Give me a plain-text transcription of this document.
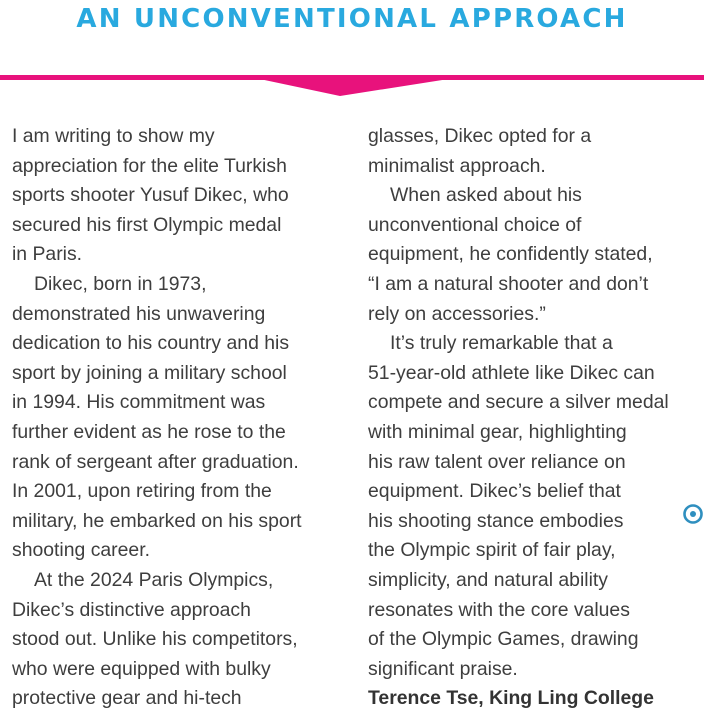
AN UNCONVENTIONAL APPROACH
I am writing to show my
appreciation for the elite Turkish
sports shooter Yusuf Dikec, who
secured his first Olympic medal
in Paris.
Dikec, born in 1973,
demonstrated his unwavering
dedication to his country and his
sport by joining a military school
in 1994. His commitment was
further evident as he rose to the
rank of sergeant after graduation.
In 2001, upon retiring from the
military, he embarked on his sport
shooting career.
At the 2024 Paris Olympics,
Dikec’s distinctive approach
stood out. Unlike his competitors,
who were equipped with bulky
protective gear and hi-tech
glasses, Dikec opted for a
minimalist approach.
When asked about his
unconventional choice of
equipment, he confidently stated,
“I am a natural shooter and don’t
rely on accessories.”
It’s truly remarkable that a
51-year-old athlete like Dikec can
compete and secure a silver medal
with minimal gear, highlighting
his raw talent over reliance on
equipment. Dikec’s belief that
his shooting stance embodies
the Olympic spirit of fair play,
simplicity, and natural ability
resonates with the core values
of the Olympic Games, drawing
significant praise.
Terence Tse, King Ling College
